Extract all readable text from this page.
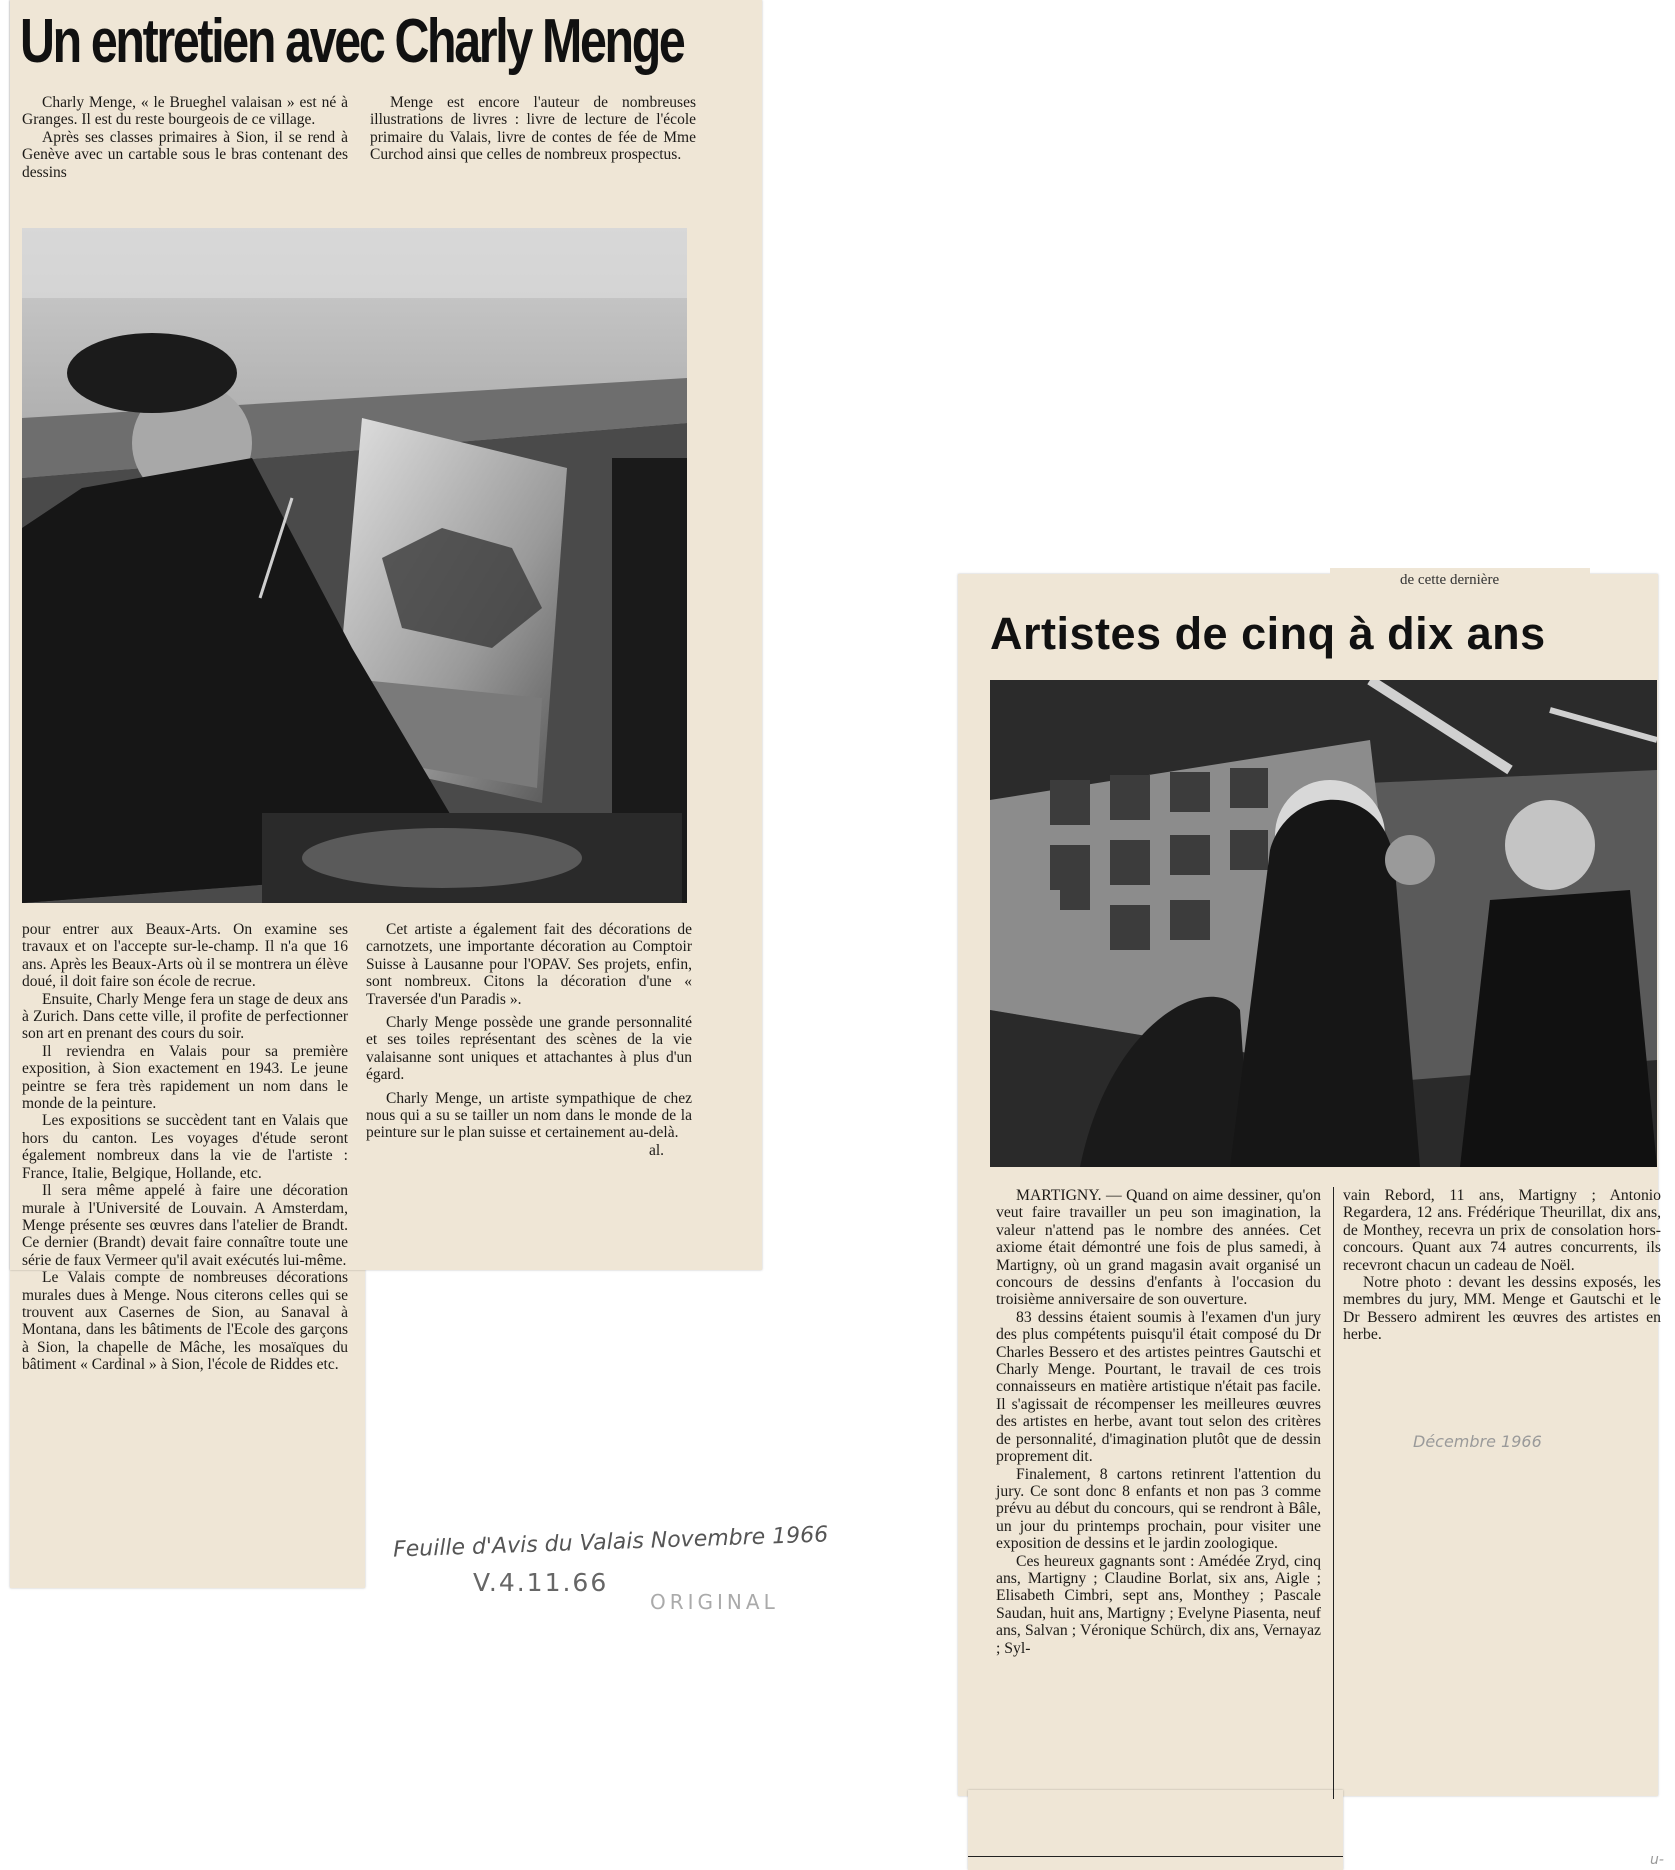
Un entretien avec Charly Menge

Charly Menge, « le Brueghel valaisan » est né à Granges. Il est du reste bourgeois de ce village.

Après ses classes primaires à Sion, il se rend à Genève avec un cartable sous le bras contenant des dessins

Menge est encore l'auteur de nombreuses illustrations de livres : livre de lecture de l'école primaire du Valais, livre de contes de fée de Mme Curchod ainsi que celles de nombreux prospectus.

pour entrer aux Beaux-Arts. On examine ses travaux et on l'accepte sur-le-champ. Il n'a que 16 ans. Après les Beaux-Arts où il se montrera un élève doué, il doit faire son école de recrue.

Ensuite, Charly Menge fera un stage de deux ans à Zurich. Dans cette ville, il profite de perfectionner son art en prenant des cours du soir.

Il reviendra en Valais pour sa première exposition, à Sion exactement en 1943. Le jeune peintre se fera très rapidement un nom dans le monde de la peinture.

Les expositions se succèdent tant en Valais que hors du canton. Les voyages d'étude seront également nombreux dans la vie de l'artiste : France, Italie, Belgique, Hollande, etc.

Il sera même appelé à faire une décoration murale à l'Université de Louvain. A Amsterdam, Menge présente ses œuvres dans l'atelier de Brandt. Ce dernier (Brandt) devait faire connaître toute une série de faux Vermeer qu'il avait exécutés lui-même.

Le Valais compte de nombreuses décorations murales dues à Menge. Nous citerons celles qui se trouvent aux Casernes de Sion, au Sanaval à Montana, dans les bâtiments de l'Ecole des garçons à Sion, la chapelle de Mâche, les mosaïques du bâtiment « Cardinal » à Sion, l'école de Riddes etc.

Cet artiste a également fait des décorations de carnotzets, une importante décoration au Comptoir Suisse à Lausanne pour l'OPAV. Ses projets, enfin, sont nombreux. Citons la décoration d'une « Traversée d'un Paradis ».

Charly Menge possède une grande personnalité et ses toiles représentant des scènes de la vie valaisanne sont uniques et attachantes à plus d'un égard.

Charly Menge, un artiste sympathique de chez nous qui a su se tailler un nom dans le monde de la peinture sur le plan suisse et certainement au-delà.

al.
Feuille d'Avis du Valais Novembre 1966
V.4.11.66
ORIGINAL
de cette dernière
Artistes de cinq à dix ans

MARTIGNY. — Quand on aime dessiner, qu'on veut faire travailler un peu son imagination, la valeur n'attend pas le nombre des années. Cet axiome était démontré une fois de plus samedi, à Martigny, où un grand magasin avait organisé un concours de dessins d'enfants à l'occasion du troisième anniversaire de son ouverture.

83 dessins étaient soumis à l'examen d'un jury des plus compétents puisqu'il était composé du Dr Charles Bessero et des artistes peintres Gautschi et Charly Menge. Pourtant, le travail de ces trois connaisseurs en matière artistique n'était pas facile. Il s'agissait de récompenser les meilleures œuvres des artistes en herbe, avant tout selon des critères de personnalité, d'imagination plutôt que de dessin proprement dit.

Finalement, 8 cartons retinrent l'attention du jury. Ce sont donc 8 enfants et non pas 3 comme prévu au début du concours, qui se rendront à Bâle, un jour du printemps prochain, pour visiter une exposition de dessins et le jardin zoologique.

Ces heureux gagnants sont : Amédée Zryd, cinq ans, Martigny ; Claudine Borlat, six ans, Aigle ; Elisabeth Cimbri, sept ans, Monthey ; Pascale Saudan, huit ans, Martigny ; Evelyne Piasenta, neuf ans, Salvan ; Véronique Schürch, dix ans, Vernayaz ; Syl-

vain Rebord, 11 ans, Martigny ; Antonio Regardera, 12 ans. Frédérique Theurillat, dix ans, de Monthey, recevra un prix de consolation hors-concours. Quant aux 74 autres concurrents, ils recevront chacun un cadeau de Noël.

Notre photo : devant les dessins exposés, les membres du jury, MM. Menge et Gautschi et le Dr Bessero admirent les œuvres des artistes en herbe.

Décembre 1966
u-
